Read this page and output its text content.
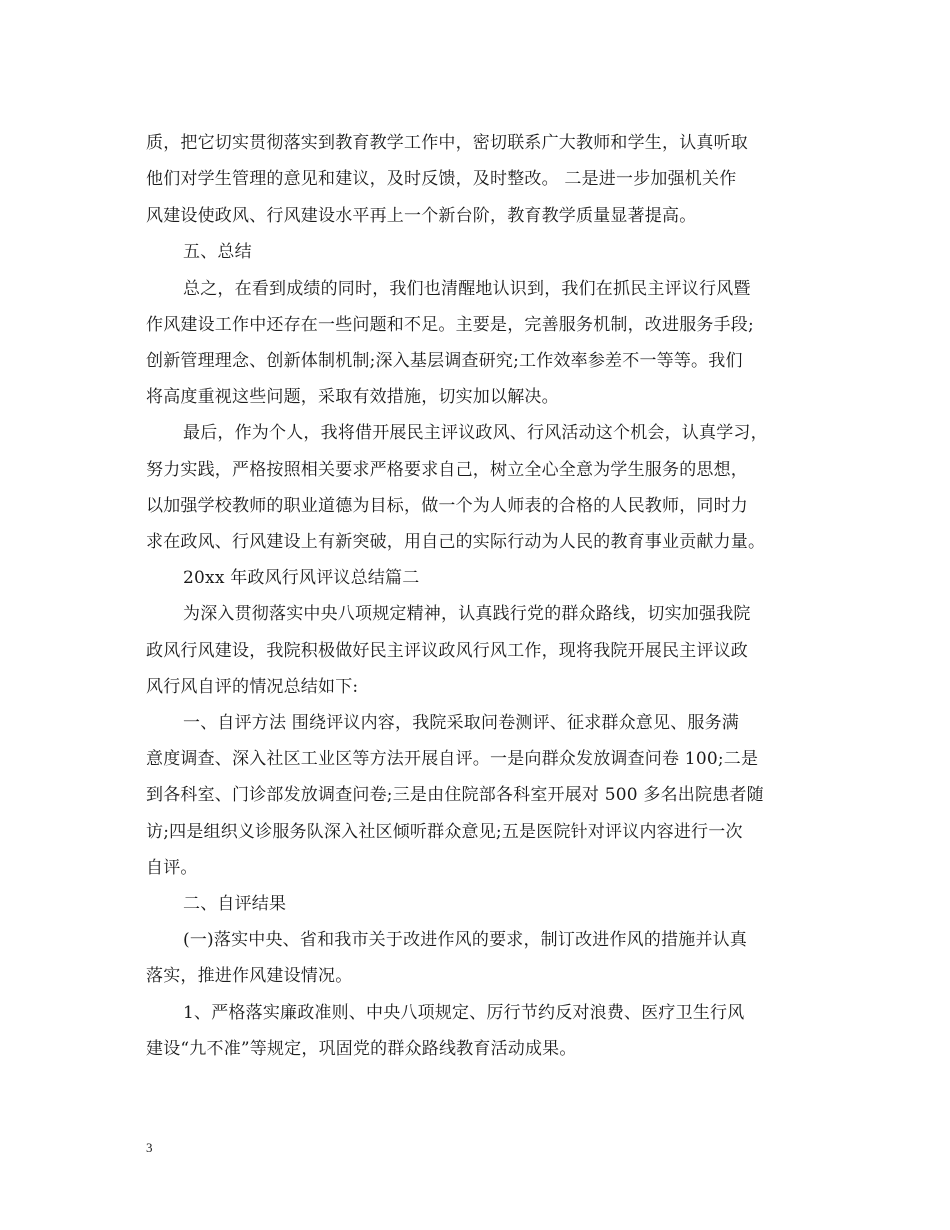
质，把它切实贯彻落实到教育教学工作中，密切联系广大教师和学生，认真听取
他们对学生管理的意见和建议，及时反馈，及时整改。 二是进一步加强机关作
风建设使政风、行风建设水平再上一个新台阶，教育教学质量显著提高。
五、总结
总之，在看到成绩的同时，我们也清醒地认识到，我们在抓民主评议行风暨
作风建设工作中还存在一些问题和不足。主要是，完善服务机制，改进服务手段;
创新管理理念、创新体制机制;深入基层调查研究;工作效率参差不一等等。我们
将高度重视这些问题，采取有效措施，切实加以解决。
最后，作为个人，我将借开展民主评议政风、行风活动这个机会，认真学习，
努力实践，严格按照相关要求严格要求自己，树立全心全意为学生服务的思想，
以加强学校教师的职业道德为目标，做一个为人师表的合格的人民教师，同时力
求在政风、行风建设上有新突破，用自己的实际行动为人民的教育事业贡献力量。
20xx 年政风行风评议总结篇二
为深入贯彻落实中央八项规定精神，认真践行党的群众路线，切实加强我院
政风行风建设，我院积极做好民主评议政风行风工作，现将我院开展民主评议政
风行风自评的情况总结如下:
一、自评方法 围绕评议内容，我院采取问卷测评、征求群众意见、服务满
意度调查、深入社区工业区等方法开展自评。一是向群众发放调查问卷 100;二是
到各科室、门诊部发放调查问卷;三是由住院部各科室开展对 500 多名出院患者随
访;四是组织义诊服务队深入社区倾听群众意见;五是医院针对评议内容进行一次
自评。
二、自评结果
(一)落实中央、省和我市关于改进作风的要求，制订改进作风的措施并认真
落实，推进作风建设情况。
1、严格落实廉政准则、中央八项规定、厉行节约反对浪费、医疗卫生行风
建设“九不准”等规定，巩固党的群众路线教育活动成果。
3
